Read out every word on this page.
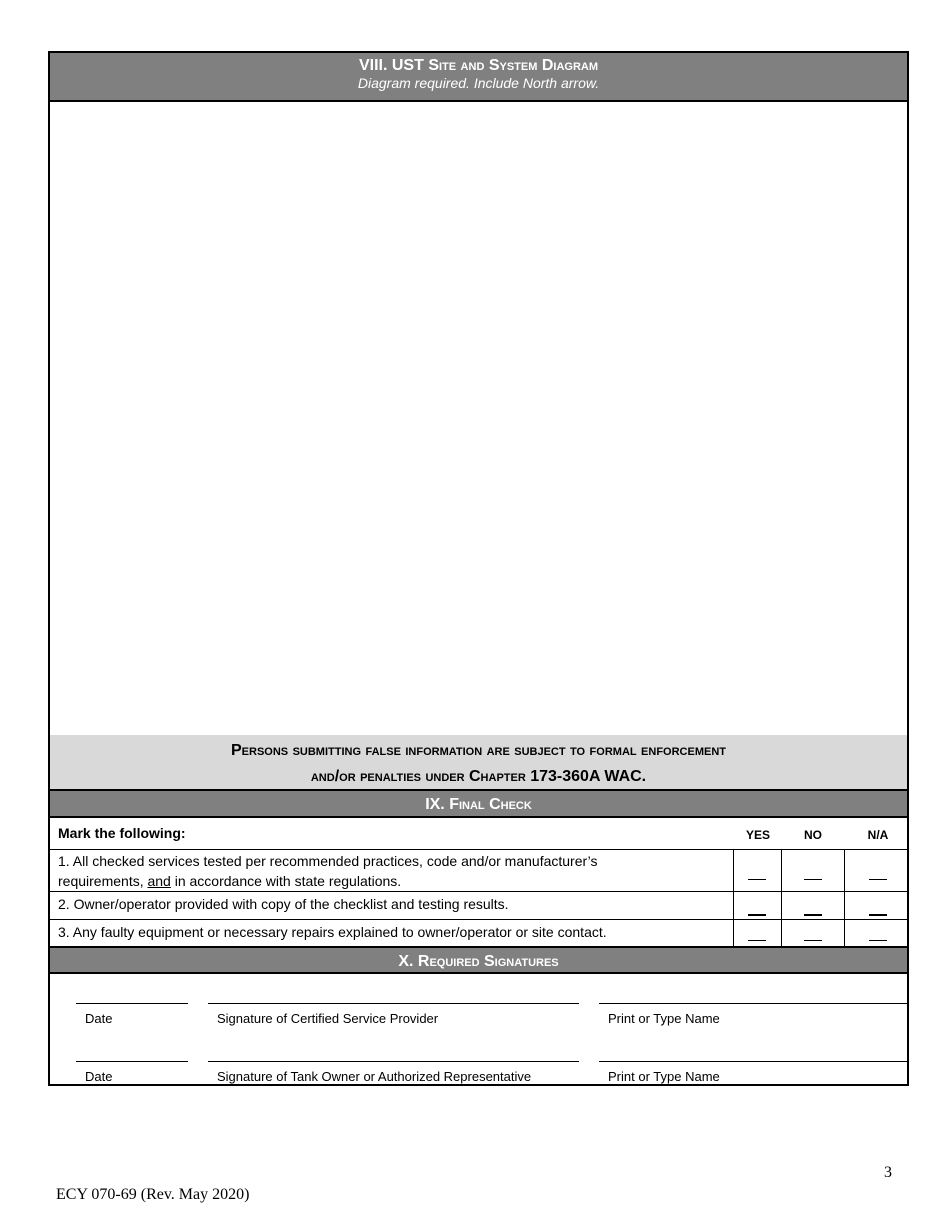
VIII. UST Site and System Diagram
Diagram required. Include North arrow.
Persons submitting false information are subject to formal enforcement
and/or penalties under Chapter 173-360A WAC.
IX. Final Check
Mark the following:	YES	NO	N/A
1. All checked services tested per recommended practices, code and/or manufacturer’s
requirements, and in accordance with state regulations.
2. Owner/operator provided with copy of the checklist and testing results.
3. Any faulty equipment or necessary repairs explained to owner/operator or site contact.
X. Required Signatures
Date	Signature of Certified Service Provider	Print or Type Name
Date	Signature of Tank Owner or Authorized Representative	Print or Type Name
3
ECY 070-69 (Rev. May 2020)
